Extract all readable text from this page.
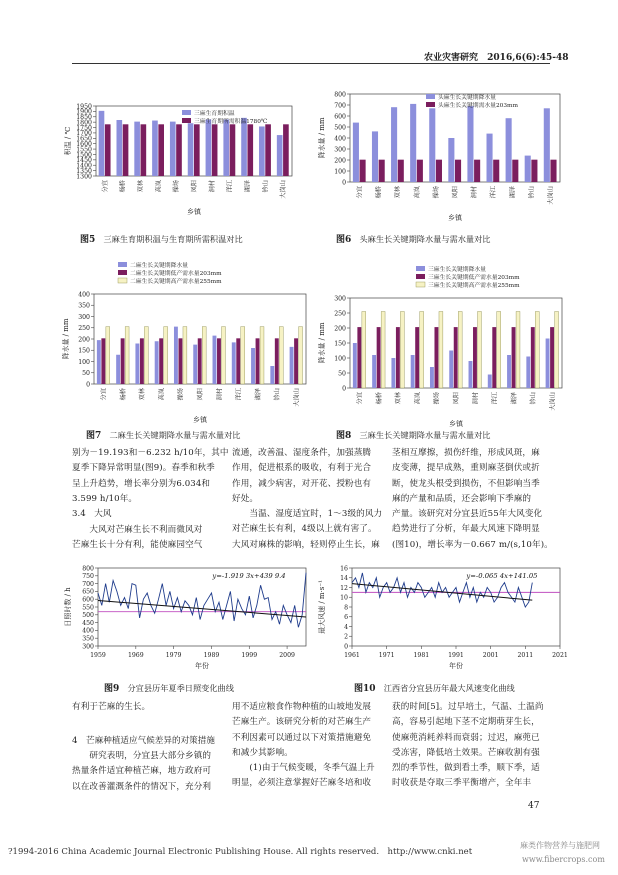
农业灾害研究 2016,6(6):45-48
1300
1350
1400
1450
1500
1550
1600
1650
1700
1750
1800
1850
1900
1950
积温 / ℃
分宜 杨桥 双林 高岚 操场 凤阳 洞村 洋江 湖泽 钤山 大岗山
乡镇
三麻生育期积温
三麻生育期所需积温1780℃
图5　 三麻生育期积温与生育期所需积温对比
0
100
200
300
400
500
600
700
800
降水量 / mm
分宜 杨桥 双林 高岚 操场 凤阳 洞村 洋江 湖泽 钤山 大岗山
乡镇
头麻生长关键期降水量
头麻生长关键期需水量203mm
图6　 头麻生长关键期降水量与需水量对比
0
50
100
150
200
250
300
350
400
降水量 / mm
分宜 杨桥 双林 高岚 操场 凤阳 洞村 洋江 湖泽 钤山 大岗山
乡镇
二麻生长关键期降水量
二麻生长关键期低产需水量203mm
二麻生长关键期高产需水量255mm
图7　 二麻生长关键期降水量与需水量对比
0
50
100
150
200
250
300
降水量 / mm
分宜 杨桥 双林 高岚 操场 凤阳 洞村 洋江 湖泽 钤山 大岗山
乡镇
三麻生长关键期降水量
三麻生长关键期低产需水量203mm
三麻生长关键期高产需水量255mm
图8　 三麻生长关键期降水量与需水量对比
别为－19.193和－6.232 h/10年，其中
夏季下降异常明显(图9)。春季和秋季
呈上升趋势，增长率分别为6.034和
3.599 h/10年。
3.4　大风
　　大风对芒麻生长不利而微风对
芒麻生长十分有利，能使麻园空气
流通，改善温、湿度条件，加强蒸腾
作用，促进根系的吸收，有利于光合
作用，减少病害，对开花、授粉也有
好处。
　　当温、湿度适宜时，1～3级的风力
对芒麻生长有利，4级以上就有害了。
大风对麻株的影响，轻则停止生长，麻
茎相互摩擦，损伤纤维，形成风斑，麻
皮变薄，提早成熟，重则麻茎倒伏或折
断，使龙头根受到损伤，不但影响当季
麻的产量和品质，还会影响下季麻的
产量。该研究对分宜县近55年大风变化
趋势进行了分析，年最大风速下降明显
(图10)，增长率为－0.667 m/(s,10年)。
300
350
400
450
500
550
600
650
700
750
800
日照时数 / h
1959	1969	1979	1989	1999	2009
年份
y=-1.919 3x+439 9.4
图9　 分宜县历年夏季日照变化曲线
0
2
4
6
8
10
12
14
16
最大风速 / m·s⁻¹
1961	1971	1981	1991	2001	2011	2021
年份
y=-0.065 4x+141.05
图10　 江西省分宜县历年最大风速变化曲线
有利于芒麻的生长。
4　芒麻种植适应气候差异的对策措施
　　研究表明，分宜县大部分乡镇的
热量条件适宜种植芒麻，地方政府可
以在改善灌溉条件的情况下，充分利
用不适应粮食作物种植的山坡地发展
芒麻生产。该研究分析的对芒麻生产
不利因素可以通过以下对策措施避免
和减少其影响。
　　(1)由于气候变暖，冬季气温上升
明显，必须注意掌握好芒麻冬培和收
获的时间[5]。过早培土，气温、土温尚
高，容易引起地下茎不定期萌芽生长，
使麻蔸消耗养料而衰弱；过迟，麻蔸已
受冻害，降低培土效果。芒麻收割有强
烈的季节性，做到看土季，顺下季，适
时收获是夺取三季平衡增产，全年丰
47
?1994-2016 China Academic Journal Electronic Publishing House. All rights reserved.　http://www.cnki.net
麻类作物营养与施肥网
www.fibercrops.com
